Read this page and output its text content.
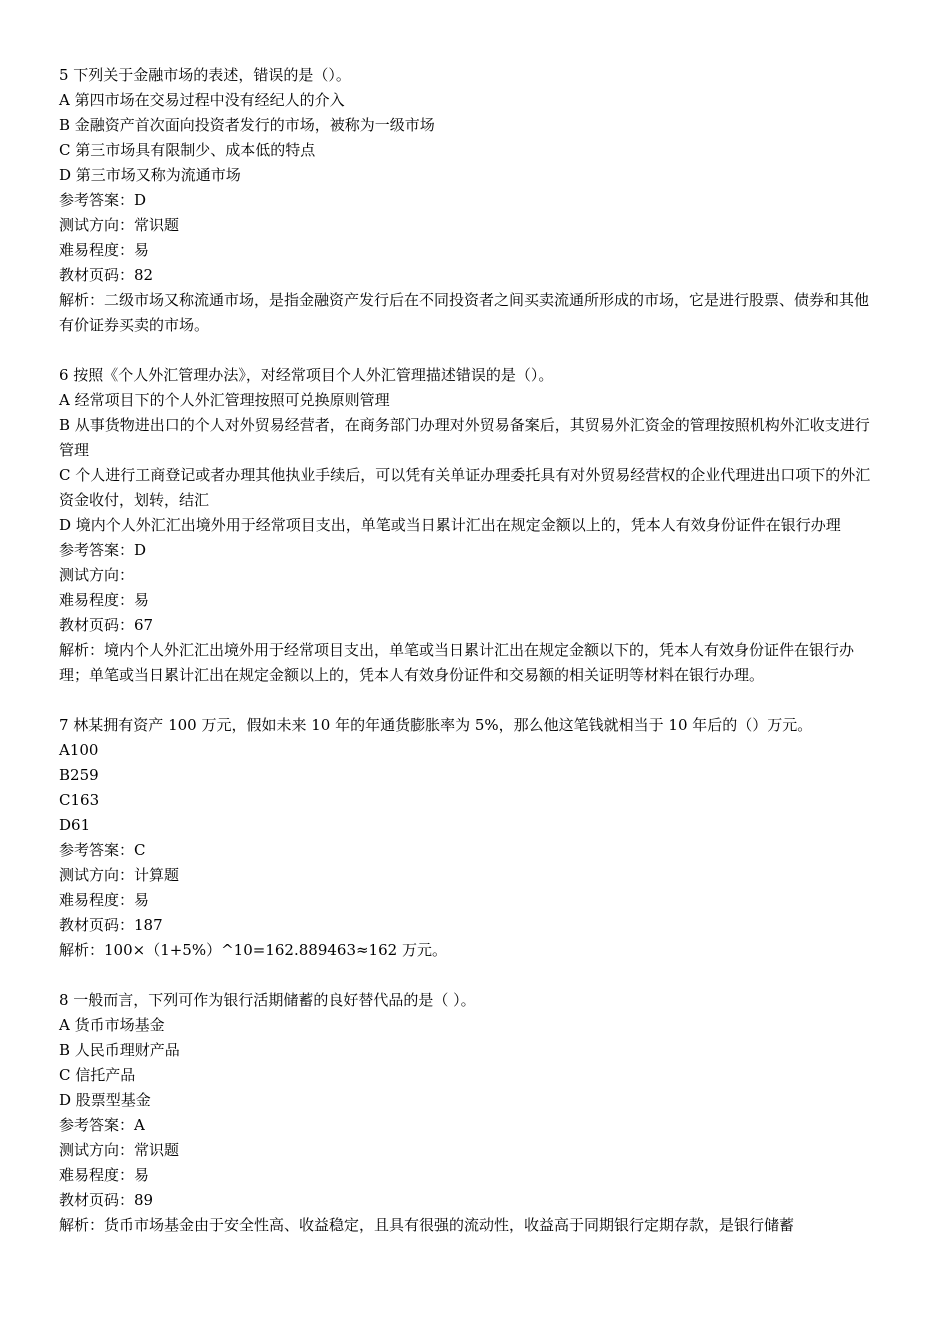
5 下列关于金融市场的表述，错误的是（）。

A 第四市场在交易过程中没有经纪人的介入

B 金融资产首次面向投资者发行的市场，被称为一级市场

C 第三市场具有限制少、成本低的特点

D 第三市场又称为流通市场

参考答案：D

测试方向：常识题

难易程度：易

教材页码：82

解析：二级市场又称流通市场，是指金融资产发行后在不同投资者之间买卖流通所形成的市场，它是进行股票、债券和其他有价证券买卖的市场。

6 按照《个人外汇管理办法》，对经常项目个人外汇管理描述错误的是（）。

A 经常项目下的个人外汇管理按照可兑换原则管理

B 从事货物进出口的个人对外贸易经营者，在商务部门办理对外贸易备案后，其贸易外汇资金的管理按照机构外汇收支进行管理

C 个人进行工商登记或者办理其他执业手续后，可以凭有关单证办理委托具有对外贸易经营权的企业代理进出口项下的外汇资金收付，划转，结汇

D 境内个人外汇汇出境外用于经常项目支出，单笔或当日累计汇出在规定金额以上的，凭本人有效身份证件在银行办理

参考答案：D

测试方向：

难易程度：易

教材页码：67

解析：境内个人外汇汇出境外用于经常项目支出，单笔或当日累计汇出在规定金额以下的，凭本人有效身份证件在银行办理；单笔或当日累计汇出在规定金额以上的，凭本人有效身份证件和交易额的相关证明等材料在银行办理。

7 林某拥有资产 100 万元，假如未来 10 年的年通货膨胀率为 5%，那么他这笔钱就相当于 10 年后的（）万元。

A100

B259

C163

D61

参考答案：C

测试方向：计算题

难易程度：易

教材页码：187

解析：100×（1+5%）^10=162.889463≈162 万元。

8 一般而言，下列可作为银行活期储蓄的良好替代品的是（ ）。

A 货币市场基金

B 人民币理财产品

C 信托产品

D 股票型基金

参考答案：A

测试方向：常识题

难易程度：易

教材页码：89

解析：货币市场基金由于安全性高、收益稳定，且具有很强的流动性，收益高于同期银行定期存款，是银行储蓄
